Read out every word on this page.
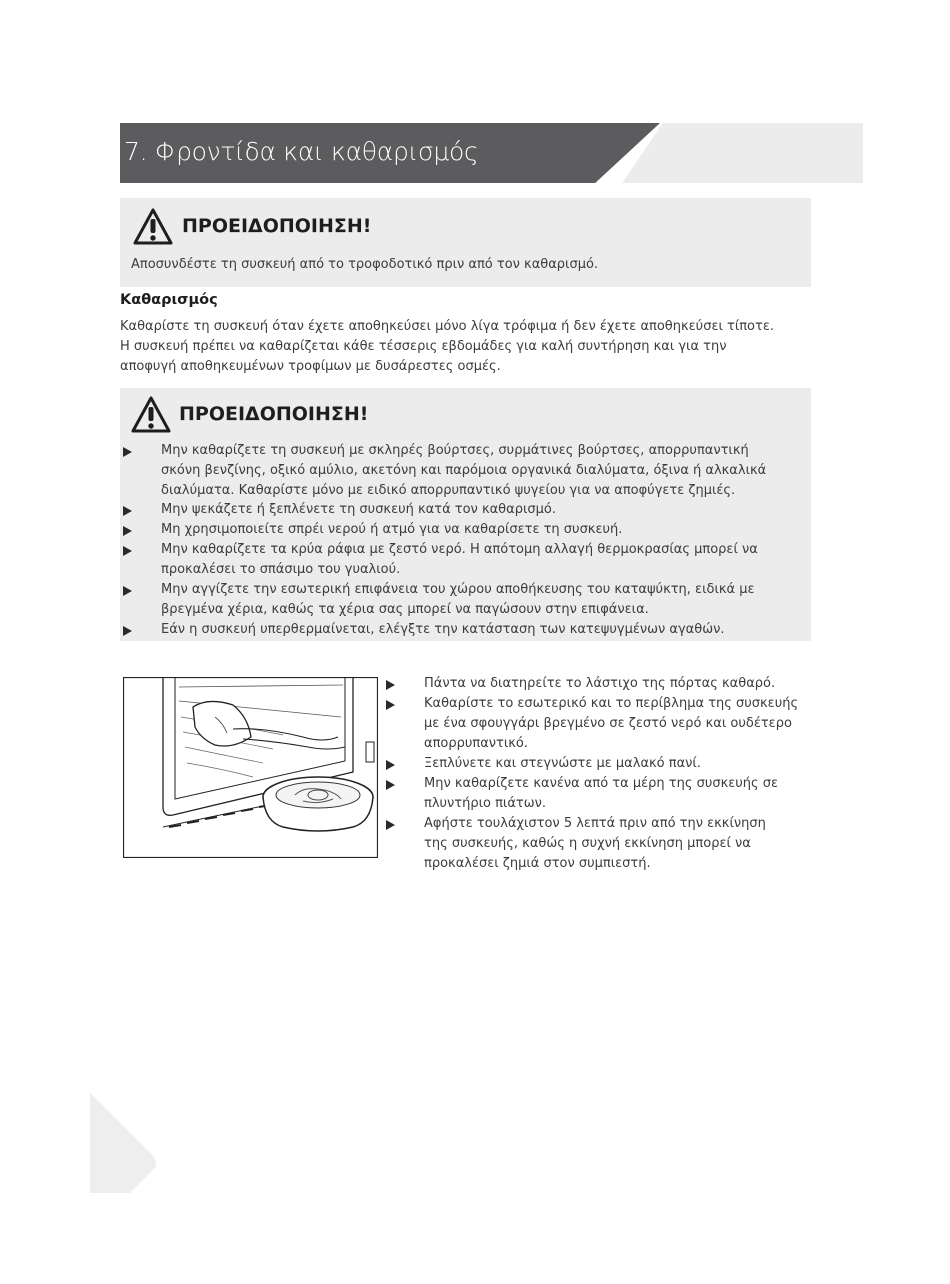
7. Φροντίδα και καθαρισμός
ΠΡΟΕΙΔΟΠΟΙΗΣΗ!
Αποσυνδέστε τη συσκευή από το τροφοδοτικό πριν από τον καθαρισμό.
Καθαρισμός
Καθαρίστε τη συσκευή όταν έχετε αποθηκεύσει μόνο λίγα τρόφιμα ή δεν έχετε αποθηκεύσει τίποτε.
Η συσκευή πρέπει να καθαρίζεται κάθε τέσσερις εβδομάδες για καλή συντήρηση και για την
αποφυγή αποθηκευμένων τροφίμων με δυσάρεστες οσμές.
ΠΡΟΕΙΔΟΠΟΙΗΣΗ!
Μην καθαρίζετε τη συσκευή με σκληρές βούρτσες, συρμάτινες βούρτσες, απορρυπαντική
σκόνη βενζίνης, οξικό αμύλιο, ακετόνη και παρόμοια οργανικά διαλύματα, όξινα ή αλκαλικά
διαλύματα. Καθαρίστε μόνο με ειδικό απορρυπαντικό ψυγείου για να αποφύγετε ζημιές.
Μην ψεκάζετε ή ξεπλένετε τη συσκευή κατά τον καθαρισμό.
Μη χρησιμοποιείτε σπρέι νερού ή ατμό για να καθαρίσετε τη συσκευή.
Μην καθαρίζετε τα κρύα ράφια με ζεστό νερό. Η απότομη αλλαγή θερμοκρασίας μπορεί να
προκαλέσει το σπάσιμο του γυαλιού.
Μην αγγίζετε την εσωτερική επιφάνεια του χώρου αποθήκευσης του καταψύκτη, ειδικά με
βρεγμένα χέρια, καθώς τα χέρια σας μπορεί να παγώσουν στην επιφάνεια.
Εάν η συσκευή υπερθερμαίνεται, ελέγξτε την κατάσταση των κατεψυγμένων αγαθών.
Πάντα να διατηρείτε το λάστιχο της πόρτας καθαρό.
Καθαρίστε το εσωτερικό και το περίβλημα της συσκευής
με ένα σφουγγάρι βρεγμένο σε ζεστό νερό και ουδέτερο
απορρυπαντικό.
Ξεπλύνετε και στεγνώστε με μαλακό πανί.
Μην καθαρίζετε κανένα από τα μέρη της συσκευής σε
πλυντήριο πιάτων.
Αφήστε τουλάχιστον 5 λεπτά πριν από την εκκίνηση
της συσκευής, καθώς η συχνή εκκίνηση μπορεί να
προκαλέσει ζημιά στον συμπιεστή.
